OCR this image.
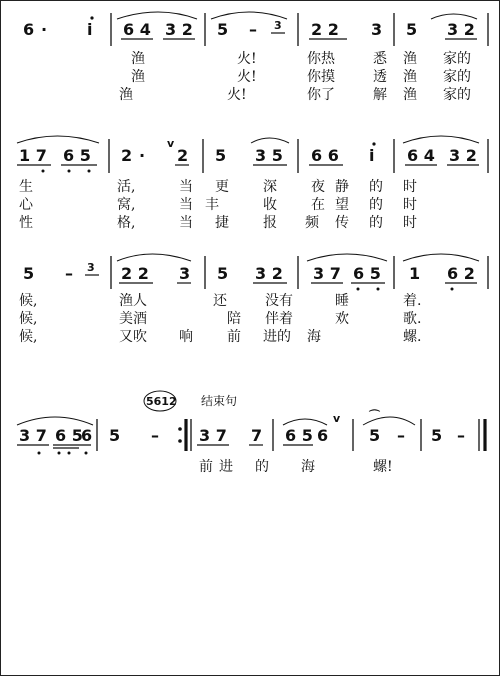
6 · i 6 4 3 2 5 – 3 2 2 3 5 3 2
渔	火!	你热	悉 渔 家的
渔	火!	你摸	透 渔 家的
渔	火!	你了	解 渔 家的
v
1 7 6 5 2 · 2 5 3 5 6 6 i 6 4 3 2
生	活,	当 更 深 夜 静 的 时
心	窝,	当 丰	收 在 望 的 时
性	格,	当 捷 报 频 传 的 时
5 – 3 2 2 3 5 3 2 3 7 6 5 1 6 2
候,	渔人	还	没有	睡	着.
候,	美酒	陪 伴着	欢	歌.
候,	又吹 响 前 进的 海	螺.
5612 结束句
v	⌒
3 7 6 5
6 5 –	3 7 7 6 5 6	5 – 5 –
前 进 的 海	螺!
